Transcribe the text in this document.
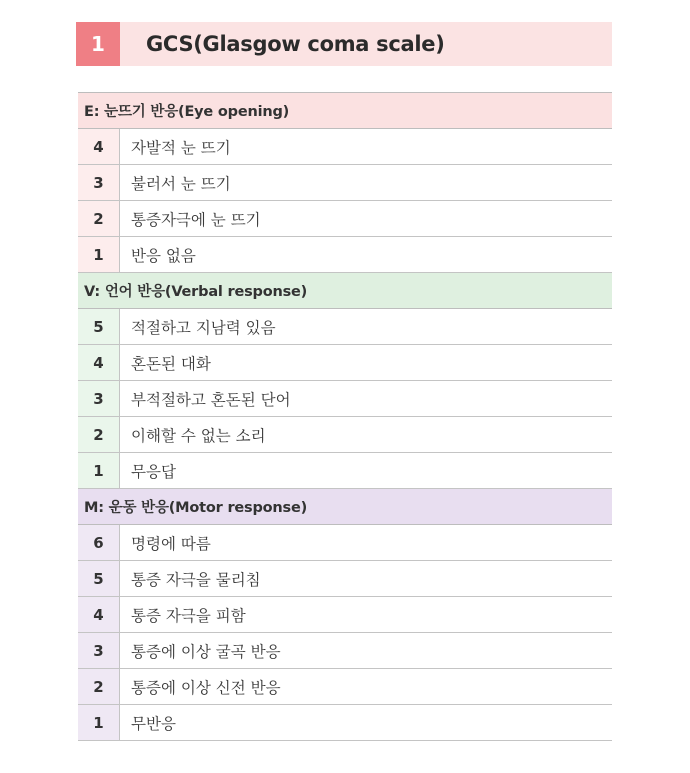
1	GCS(Glasgow coma scale)
E: 눈뜨기 반응(Eye opening)
4	자발적 눈 뜨기
3	불러서 눈 뜨기
2	통증자극에 눈 뜨기
1	반응 없음
V: 언어 반응(Verbal response)
5	적절하고 지남력 있음
4	혼돈된 대화
3	부적절하고 혼돈된 단어
2	이해할 수 없는 소리
1	무응답
M: 운동 반응(Motor response)
6	명령에 따름
5	통증 자극을 물리침
4	통증 자극을 피함
3	통증에 이상 굴곡 반응
2	통증에 이상 신전 반응
1	무반응
